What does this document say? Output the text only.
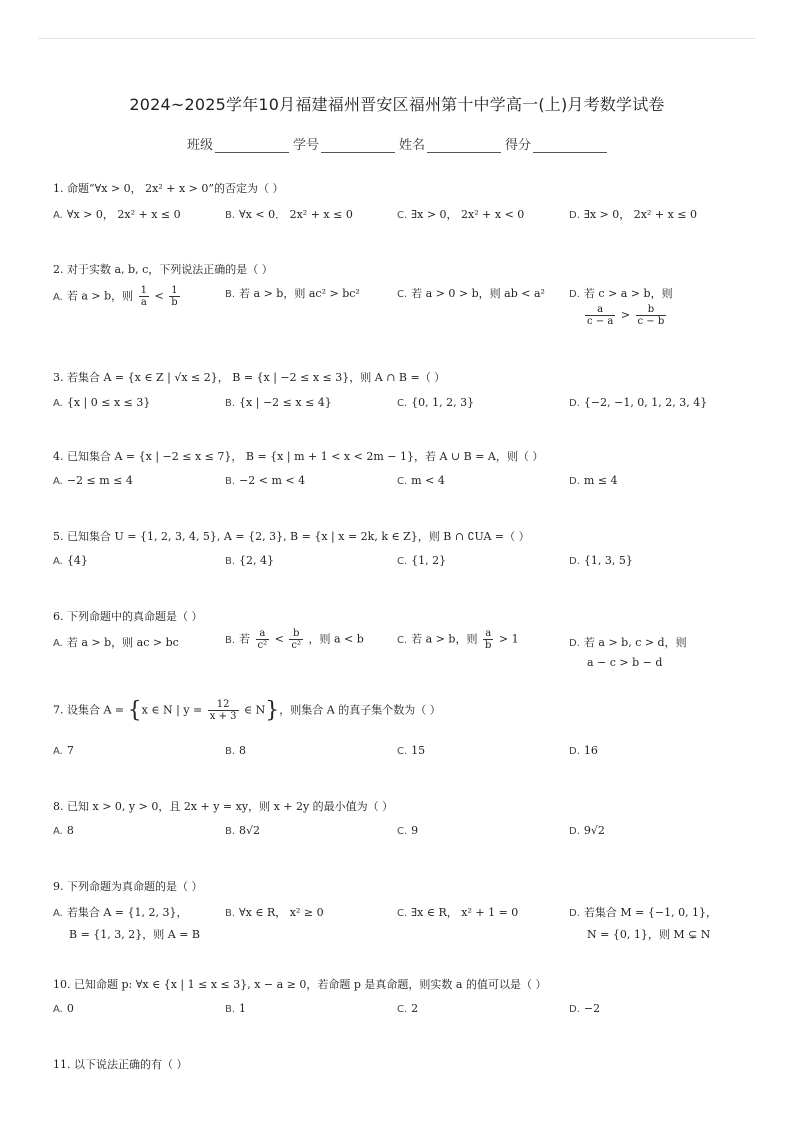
2024~2025学年10月福建福州晋安区福州第十中学高一(上)月考数学试卷
班级	学号	姓名	得分
1. 命题“∀x > 0， 2x² + x > 0”的否定为（ ）
A. ∀x > 0， 2x² + x ≤ 0	B. ∀x < 0． 2x² + x ≤ 0	C. ∃x > 0， 2x² + x < 0	D. ∃x > 0， 2x² + x ≤ 0
2. 对于实数 a, b, c，下列说法正确的是（ ）
A. 若 a > b，则 $\frac{1}{a} < \frac{1}{b}$	B. 若 a > b，则 ac² > bc²	C. 若 a > 0 > b，则 ab < a² D. 若 c > a > b，则
$\frac{a}{c - a} > \frac{b}{c - b}$
3. 若集合 A = {x ∈ Z | √x ≤ 2}， B = {x | −2 ≤ x ≤ 3}，则 A ∩ B =（ ）
A. {x | 0 ≤ x ≤ 3}	B. {x | −2 ≤ x ≤ 4}	C. {0, 1, 2, 3}	D. {−2, −1, 0, 1, 2, 3, 4}
4. 已知集合 A = {x | −2 ≤ x ≤ 7}， B = {x | m + 1 < x < 2m − 1}，若 A ∪ B = A，则（ ）
A. −2 ≤ m ≤ 4	B. −2 < m < 4	C. m < 4	D. m ≤ 4
5. 已知集合 U = {1, 2, 3, 4, 5}, A = {2, 3}, B = {x | x = 2k, k ∈ Z}，则 B ∩ ∁UA =（ ）
A. {4}	B. {2, 4}	C. {1, 2}	D. {1, 3, 5}
6. 下列命题中的真命题是（ ）
A. 若 a > b，则 ac > bc	B. 若 $\frac{a}{\text{c²}} < \frac{b}{\text{c²}}$ ，则 a < b	C. 若 a > b，则 $\frac{a}{b} > 1$	D. 若 a > b, c > d，则
a − c > b − d
7. 设集合 A = {x ∈ N | $y = \frac{12}{x + 3}$ ∈ N}，则集合 A 的真子集个数为（ ）
A. 7	B. 8	C. 15	D. 16
8. 已知 x > 0, y > 0，且 2x + y = xy，则 x + 2y 的最小值为（ ）
A. 8	B. 8√2	C. 9	D. 9√2
9. 下列命题为真命题的是（ ）
A. 若集合 A = {1, 2, 3}，
B = {1, 3, 2}，则 A = B
B. ∀x ∈ R， x² ≥ 0	C. ∃x ∈ R， x² + 1 = 0	D. 若集合 M = {−1, 0, 1}，
N = {0, 1}，则 M ⊊ N
10. 已知命题 p: ∀x ∈ {x | 1 ≤ x ≤ 3}, x − a ≥ 0，若命题 p 是真命题，则实数 a 的值可以是（ ）
A. 0	B. 1	C. 2	D. −2
11. 以下说法正确的有（ ）
